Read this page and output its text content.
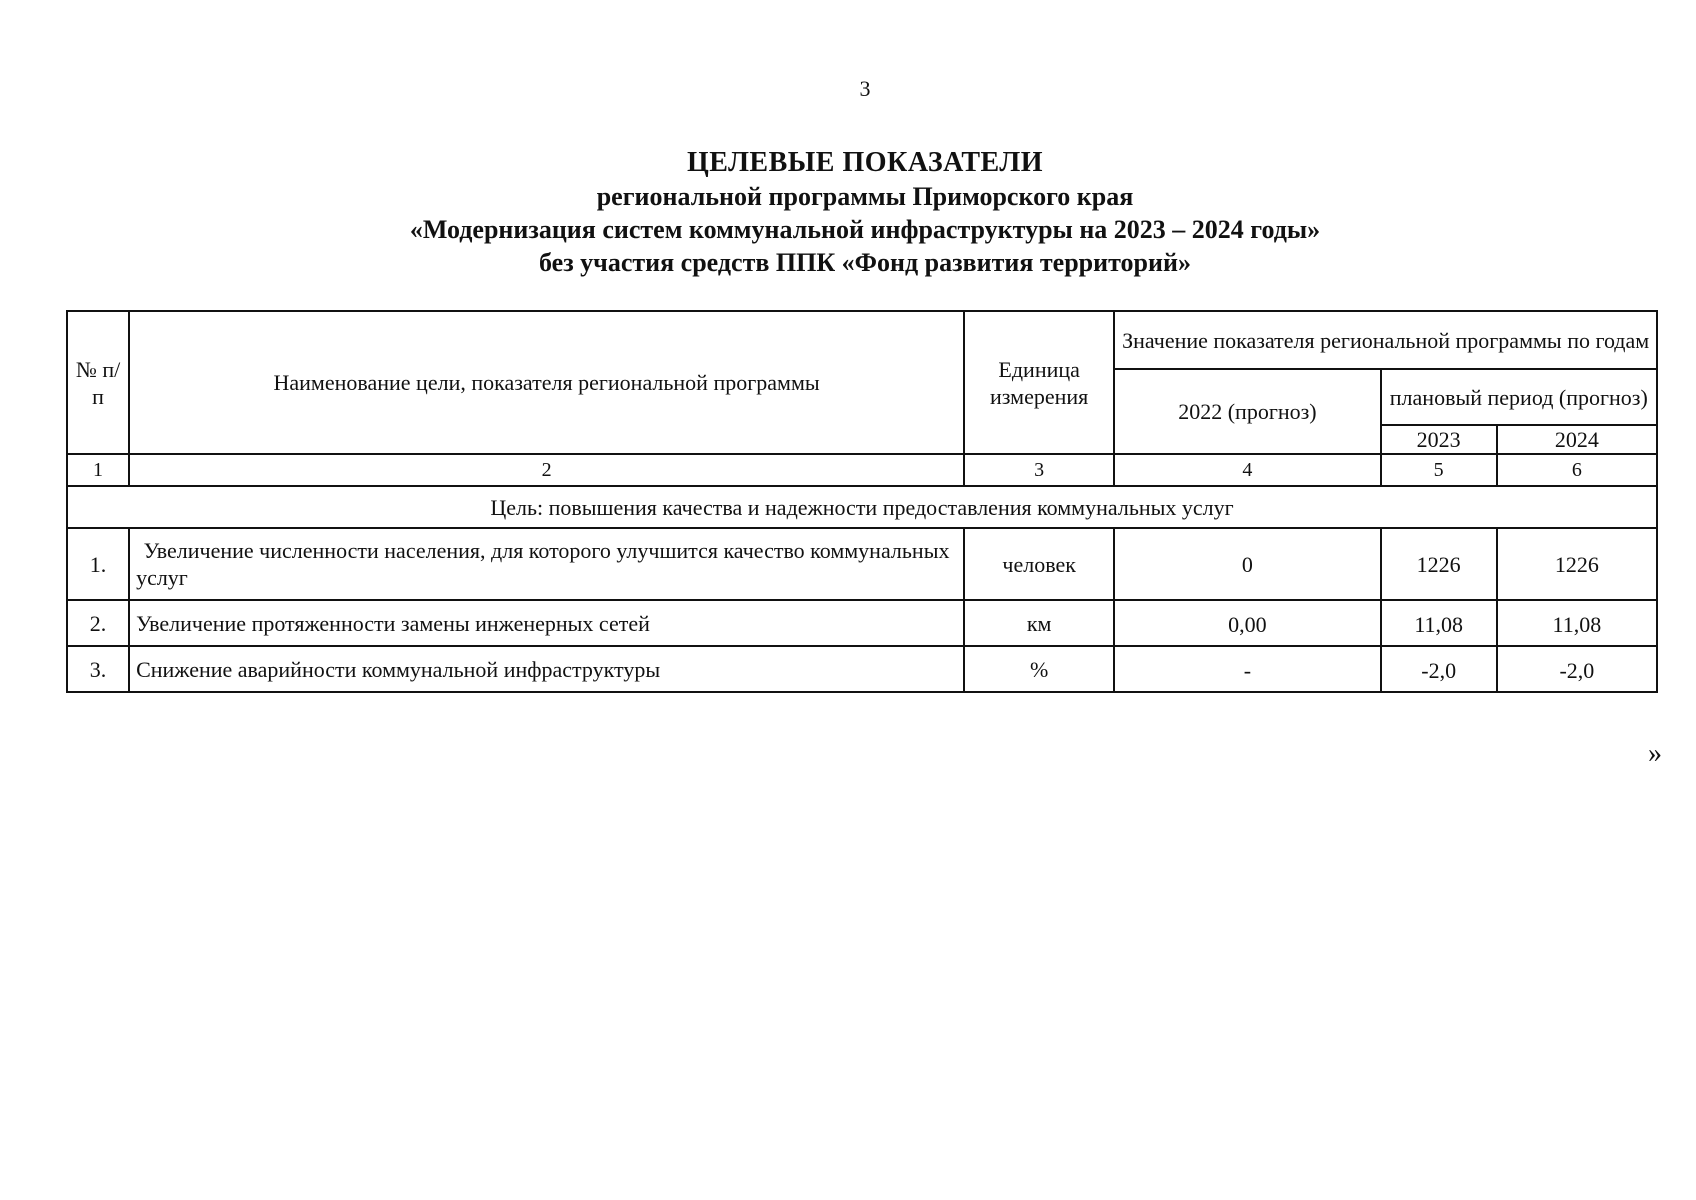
3
ЦЕЛЕВЫЕ ПОКАЗАТЕЛИ
региональной программы Приморского края
«Модернизация систем коммунальной инфраструктуры на 2023 – 2024 годы»
без участия средств ППК «Фонд развития территорий»
№ п/п	Наименование цели, показателя региональной программы	Единица измерения	Значение показателя региональной программы по годам		
			2022 (прогноз)	плановый период (прогноз)	
				2023	2024
1	2	3	4	5	6
Цель: повышения качества и надежности предоставления коммунальных услуг					
1.	Увеличение численности населения, для которого улучшится качество коммунальных услуг	человек	0	1226	1226
2.	Увеличение протяженности замены инженерных сетей	км	0,00	11,08	11,08
3.	Снижение аварийности коммунальной инфраструктуры	%	-	-2,0	-2,0
»
